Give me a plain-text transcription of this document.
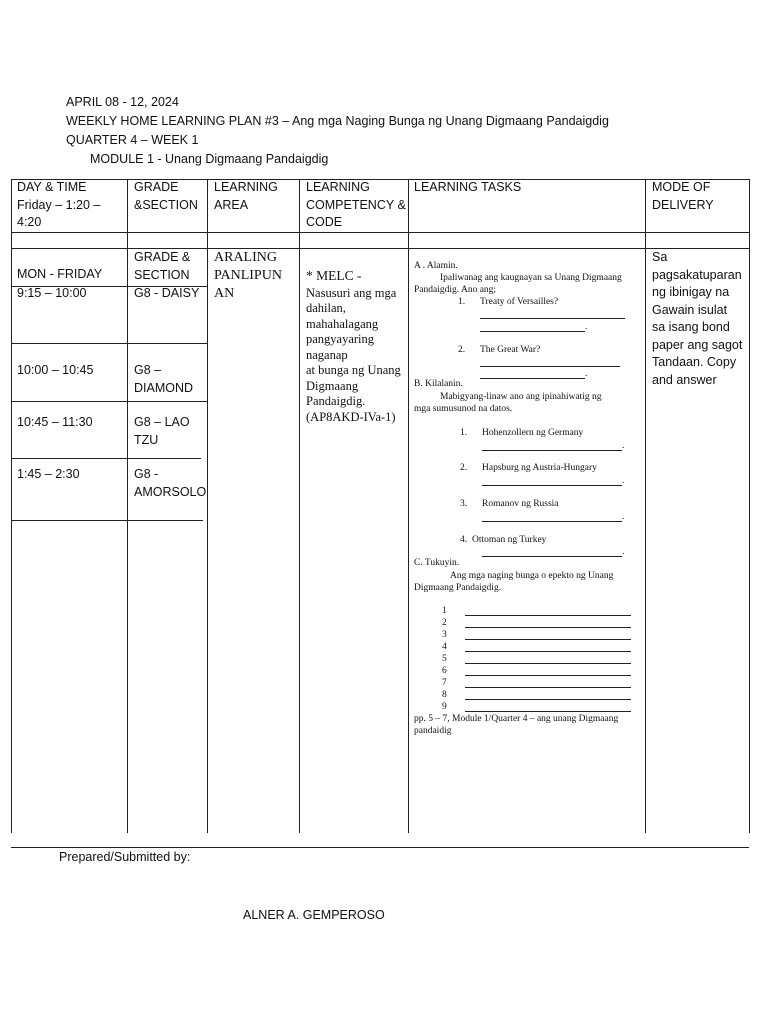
APRIL 08 - 12, 2024
WEEKLY HOME LEARNING PLAN #3 – Ang mga Naging Bunga ng Unang Digmaang Pandaigdig
QUARTER 4 – WEEK 1
MODULE 1 - Unang Digmaang Pandaigdig
DAY & TIME
Friday – 1:20 –
4:20
GRADE
&SECTION
LEARNING
AREA
LEARNING
COMPETENCY &
CODE
LEARNING TASKS	MODE OF
DELIVERY
MON - FRIDAY
9:15 – 10:00
10:00 – 10:45
10:45 – 11:30
1:45 – 2:30
GRADE &
SECTION
G8 - DAISY
G8 –
DIAMOND
G8 – LAO
TZU
G8 -
AMORSOLO
ARALING
PANLIPUN
AN
* MELC -
Nasusuri ang mga
dahilan,
mahahalagang
pangyayaring
naganap
at bunga ng Unang
Digmaang
Pandaigdig.
(AP8AKD-IVa-1)
A . Alamin.
Ipaliwanag ang kaugnayan sa Unang Digmaang
Pandaigdig. Ano ang;
1. Treaty of Versailles?
.
2. The Great War?
.
B. Kilalanin.
Mabigyang-linaw ano ang ipinahiwatig ng
mga sumusunod na datos.
1. Hohenzollern ng Germany
.
2. Hapsburg ng Austria-Hungary
.
3. Romanov ng Russia
.
4. Ottoman ng Turkey
.
C. Tukuyin.
Ang mga naging bunga o epekto ng Unang
Digmaang Pandaigdig.
1
2
3
4
5
6
7
8
9
pp. 5 – 7, Module 1/Quarter 4 – ang unang Digmaang
pandaidig
Sa
pagsakatuparan
ng ibinigay na
Gawain isulat
sa isang bond
paper ang sagot
Tandaan. Copy
and answer
Prepared/Submitted by:
ALNER A. GEMPEROSO
